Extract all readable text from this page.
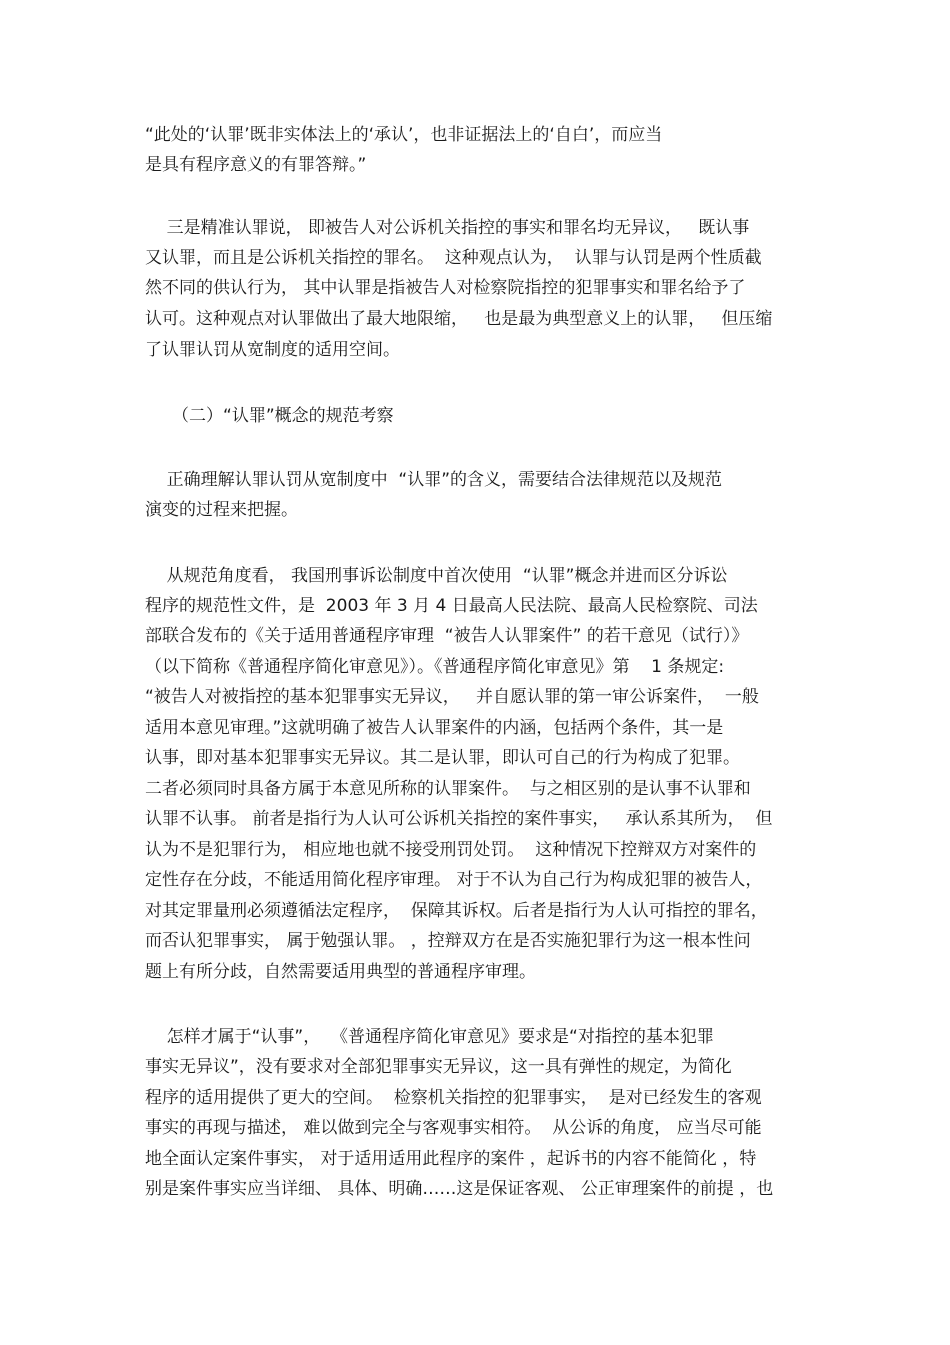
“此处的‘认罪’既非实体法上的‘承认’，也非证据法上的‘自白’，而应当
是具有程序意义的有罪答辩。”
三是精准认罪说， 即被告人对公诉机关指控的事实和罪名均无异议，   既认事
又认罪，而且是公诉机关指控的罪名。  这种观点认为，  认罪与认罚是两个性质截
然不同的供认行为， 其中认罪是指被告人对检察院指控的犯罪事实和罪名给予了
认可。这种观点对认罪做出了最大地限缩，   也是最为典型意义上的认罪，   但压缩
了认罪认罚从宽制度的适用空间。
（二）“认罪”概念的规范考察
正确理解认罪认罚从宽制度中  “认罪”的含义，需要结合法律规范以及规范
演变的过程来把握。
从规范角度看， 我国刑事诉讼制度中首次使用  “认罪”概念并进而区分诉讼
程序的规范性文件，是  2003 年 3 月 4 日最高人民法院、最高人民检察院、司法
部联合发布的《关于适用普通程序审理  “被告人认罪案件” 的若干意见（试行）》
（以下简称《普通程序简化审意见》）。《普通程序简化审意见》第    1 条规定:
“被告人对被指控的基本犯罪事实无异议，   并自愿认罪的第一审公诉案件，  一般
适用本意见审理。”这就明确了被告人认罪案件的内涵，包括两个条件，其一是
认事，即对基本犯罪事实无异议。其二是认罪，即认可自己的行为构成了犯罪。
二者必须同时具备方属于本意见所称的认罪案件。  与之相区别的是认事不认罪和
认罪不认事。 前者是指行为人认可公诉机关指控的案件事实，   承认系其所为，  但
认为不是犯罪行为， 相应地也就不接受刑罚处罚。  这种情况下控辩双方对案件的
定性存在分歧，不能适用简化程序审理。 对于不认为自己行为构成犯罪的被告人，
对其定罪量刑必须遵循法定程序，  保障其诉权。后者是指行为人认可指控的罪名，
而否认犯罪事实， 属于勉强认罪。 ，控辩双方在是否实施犯罪行为这一根本性问
题上有所分歧，自然需要适用典型的普通程序审理。
怎样才属于“认事”，  《普通程序简化审意见》要求是“对指控的基本犯罪
事实无异议”，没有要求对全部犯罪事实无异议，这一具有弹性的规定，为简化
程序的适用提供了更大的空间。  检察机关指控的犯罪事实，  是对已经发生的客观
事实的再现与描述， 难以做到完全与客观事实相符。  从公诉的角度， 应当尽可能
地全面认定案件事实， 对于适用适用此程序的案件 ，起诉书的内容不能简化 ，特
别是案件事实应当详细、 具体、明确……这是保证客观、 公正审理案件的前提 ，也
